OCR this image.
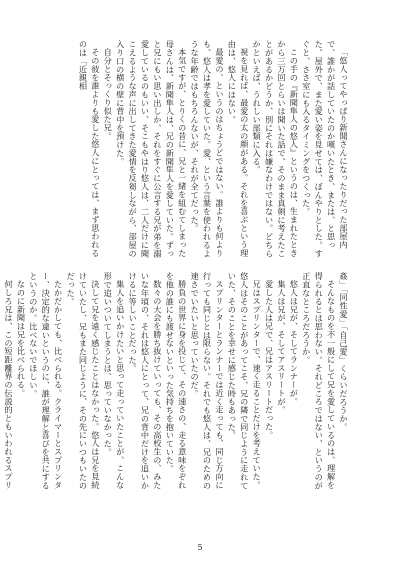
「悠人ってやっぱり新聞さんになったりだった部屋内で、誰かが話していたのか嘆いたとき、または、と思った。屋外で、また愛い姿を見せては、ぼんやりとした。すぐと、ささ室にも入るタイミングをつくった。

この手の『新聞隼人の悠人』というのは、生まれたときから三万回とらいは聞いた話で、そのまま真剣に考えたことがあるかどうか、別にそれは嫌なわけではない。どちらかといえば、うれしい部類に入る。

視を見れば、最愛の太の顔がある。それを喜ぶという理由は、悠人にはない。

最愛の、というのはちょうどではない。誰よりも何よりも、悠人は孝を愛していた。愛、という言葉を使われるような年齢ではもちろんないが、それが全てだった。

本気ですが、とりくの昔に、兄と一緒を組むてしまった母さんは、新聞隼人は、兄の新聞隼人を愛していた。ずっと兄にもい思い出しか、それをすぐに公言する兄が弟を溺愛しているのもいい、そこもやはり悠人は、二人だけに聞こえるような声に出してきた愛情を反芻しながら、部屋の入り口の横の壁に背中を預けた。

自分とそっくり似た兄。

その彼を誰よりも愛した悠人にとっては、まず思われるのは「近親相

姦」「同性愛」「自己愛」くらいだろうか。

そんなものを不一般にして兄を愛しているのは、理解を得られるとは思わない。それどころではない、というのが正直なところだろうか。

悠人は兄が、そしてランナーが。

集人は兄が、そしてアスリートが。

愛した人は兄で、兄はアスリートだった。

兄はスプリンターで、速く走ることだけを考えていた。悠人はそのことがあってこそ、兄の隣で同じように走れていた、そのことを幸せに感じた時もあった。

スプリンターとランナーでは近く走っても、同じ方向に行っても同じとは限らない。それでも悠人は、兄のための速さでいたいと思っていたのだ。

勝負の世界に身を投じて、その速さの、走る意味をぞれを他の誰にも渡せないといった気持ちを抱いていた。

数々の大会を勝ち抜けていっても、その高校生の、みたいな年頃の、それは悠人にとって、兄の背中だけを追いかけるに等しいことだった。

集人を追いかけたいと思って走っていたことが、こんな形で追いついてしまうとは、思っていなかった。

決して兄を遠く感じたことはなかった。悠人は兄を見続けていたし、兄もまた同じように、その先にいつもいたのだった。

たかだかしても、比べられる。クライマーとスプリンター、決定的な違いというのに、誰が理解と喜びを共にするというのか。比べないでほしい。

なのに新聞は兄を比べられる。

何しろ兄は、この短距離界の伝説的ともいわれるスプリ

5
